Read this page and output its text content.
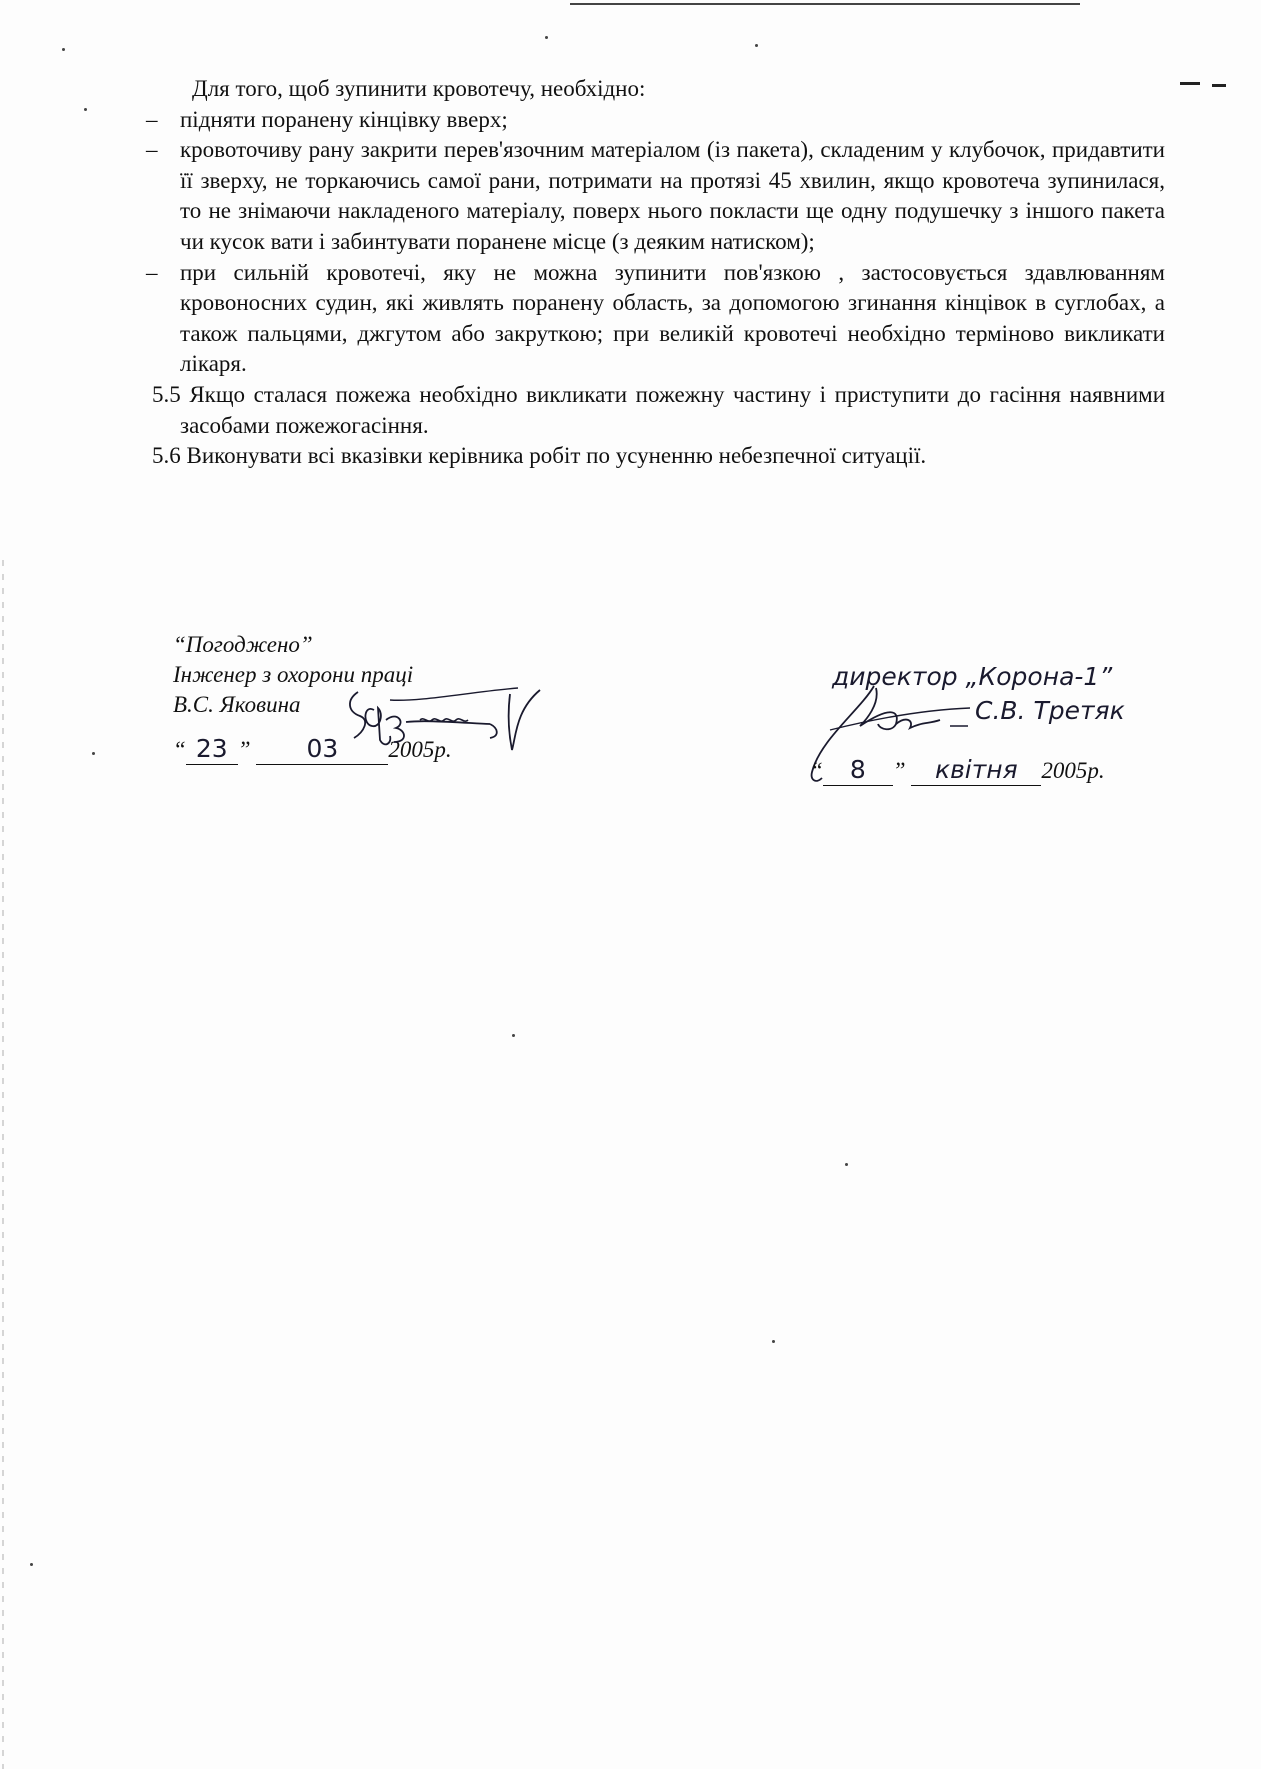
Для того, щоб зупинити кровотечу, необхідно:
– підняти поранену кінцівку вверх;
– кровоточиву рану закрити перев'язочним матеріалом (із пакета), складеним у клубочок, придавтити її зверху, не торкаючись самої рани, потримати на протязі 45 хвилин, якщо кровотеча зупинилася, то не знімаючи накладеного матеріалу, поверх нього покласти ще одну подушечку з іншого пакета чи кусок вати і забинтувати поранене місце (з деяким натиском);
– при сильній кровотечі, яку не можна зупинити пов'язкою , застосовується здавлюванням кровоносних судин, які живлять поранену область, за допомогою згинання кінцівок в суглобах, а також пальцями, джгутом або закруткою; при великій кровотечі необхідно терміново викликати лікаря.
5.5 Якщо сталася пожежа необхідно викликати пожежну частину і приступити до гасіння наявними засобами пожежогасіння.
5.6 Виконувати всі вказівки керівника робіт по усуненню небезпечної ситуації.
“Погоджено”
Інженер з охорони праці
В.С. Яковина
“ 23 ” 03 2005р.
директор „Корона-1”
С.В. Третяк
“ 8 ” квітня 2005р.
